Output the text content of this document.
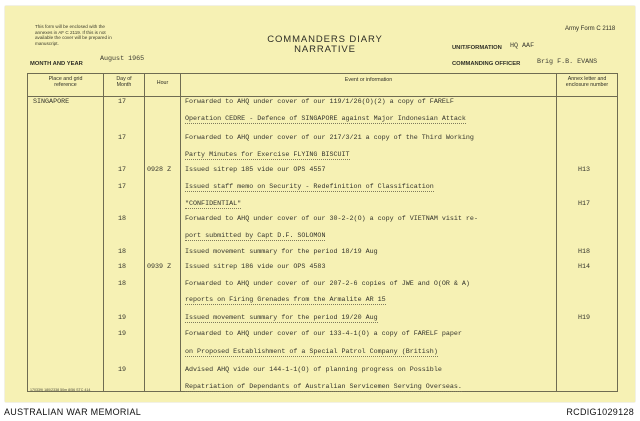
This form will be enclosed with the
annexes in AF C 2119. If this is not
available the cover will be prepared in
manuscript.	COMMANDERS DIARY
NARRATIVE
Army Form C 2118
MONTH AND YEAR
August 1965
UNIT/FORMATION HQ AAF
COMMANDING OFFICER Brig F.B. EVANS
Place and grid
reference
Day of
Month	Hour	Event or information	Annex letter and
enclosure number
SINGAPORE	17	Forwarded to AHQ under cover of our 119/1/26(O)(2) a copy of FARELF
Operation CEDRE - Defence of SINGAPORE against Major Indonesian Attack
17	Forwarded to AHQ under cover of our 217/3/21 a copy of the Third Working
Party Minutes for Exercise FLYING BISCUIT
17	0928 Z Issued sitrep 185 vide our OPS 4557	H13
17	Issued staff memo on Security - Redefinition of Classification
"CONFIDENTIAL"	H17
18	Forwarded to AHQ under cover of our 30-2-2(O) a copy of VIETNAM visit re-
port submitted by Capt D.F. SOLOMON
18	Issued movement summary for the period 18/19 Aug	H18
18	0939 Z Issued sitrep 186 vide our OPS 4583	H14
18	Forwarded to AHQ under cover of our 207-2-6 copies of JWE and O(OR & A)
reports on Firing Grenades from the Armalite AR 15
19	Issued movement summary for the period 19/20 Aug	H19
19	Forwarded to AHQ under cover of our 133-4-1(O) a copy of FARELF paper
on Proposed Establishment of a Special Patrol Company (British)
19	Advised AHQ vide our 144-1-1(O) of planning progress on Possible
Repatriation of Dependants of Australian Servicemen Serving Overseas.
170339) 180/2338 50m 8/56 STC 414
AUSTRALIAN WAR MEMORIAL	RCDIG1029128
